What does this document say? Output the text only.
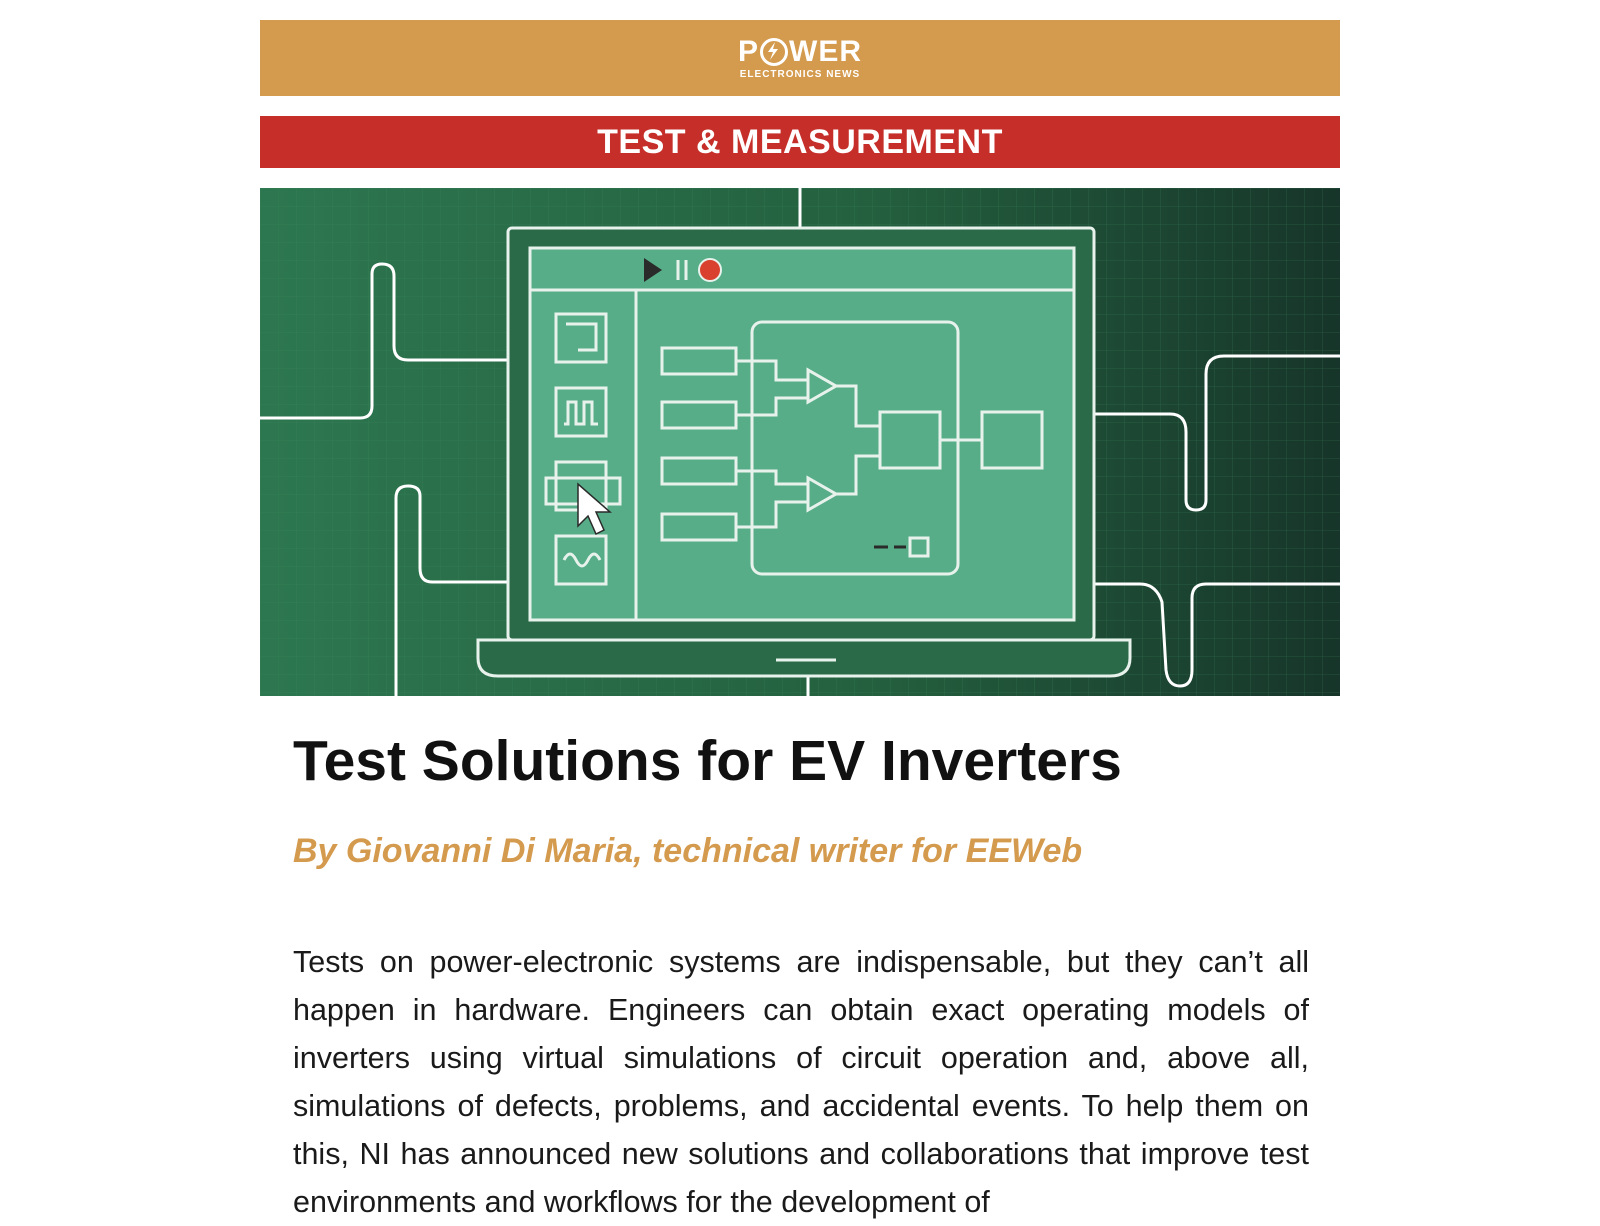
P WER
ELECTRONICS NEWS
TEST & MEASUREMENT
Test Solutions for EV Inverters

By Giovanni Di Maria, technical writer for EEWeb

Tests on power-electronic systems are indispensable, but they can’t all happen in hardware. Engineers can obtain exact operating models of inverters using virtual simulations of circuit operation and, above all, simulations of defects, problems, and accidental events. To help them on this, NI has announced new solutions and collaborations that improve test environments and workflows for the development of
